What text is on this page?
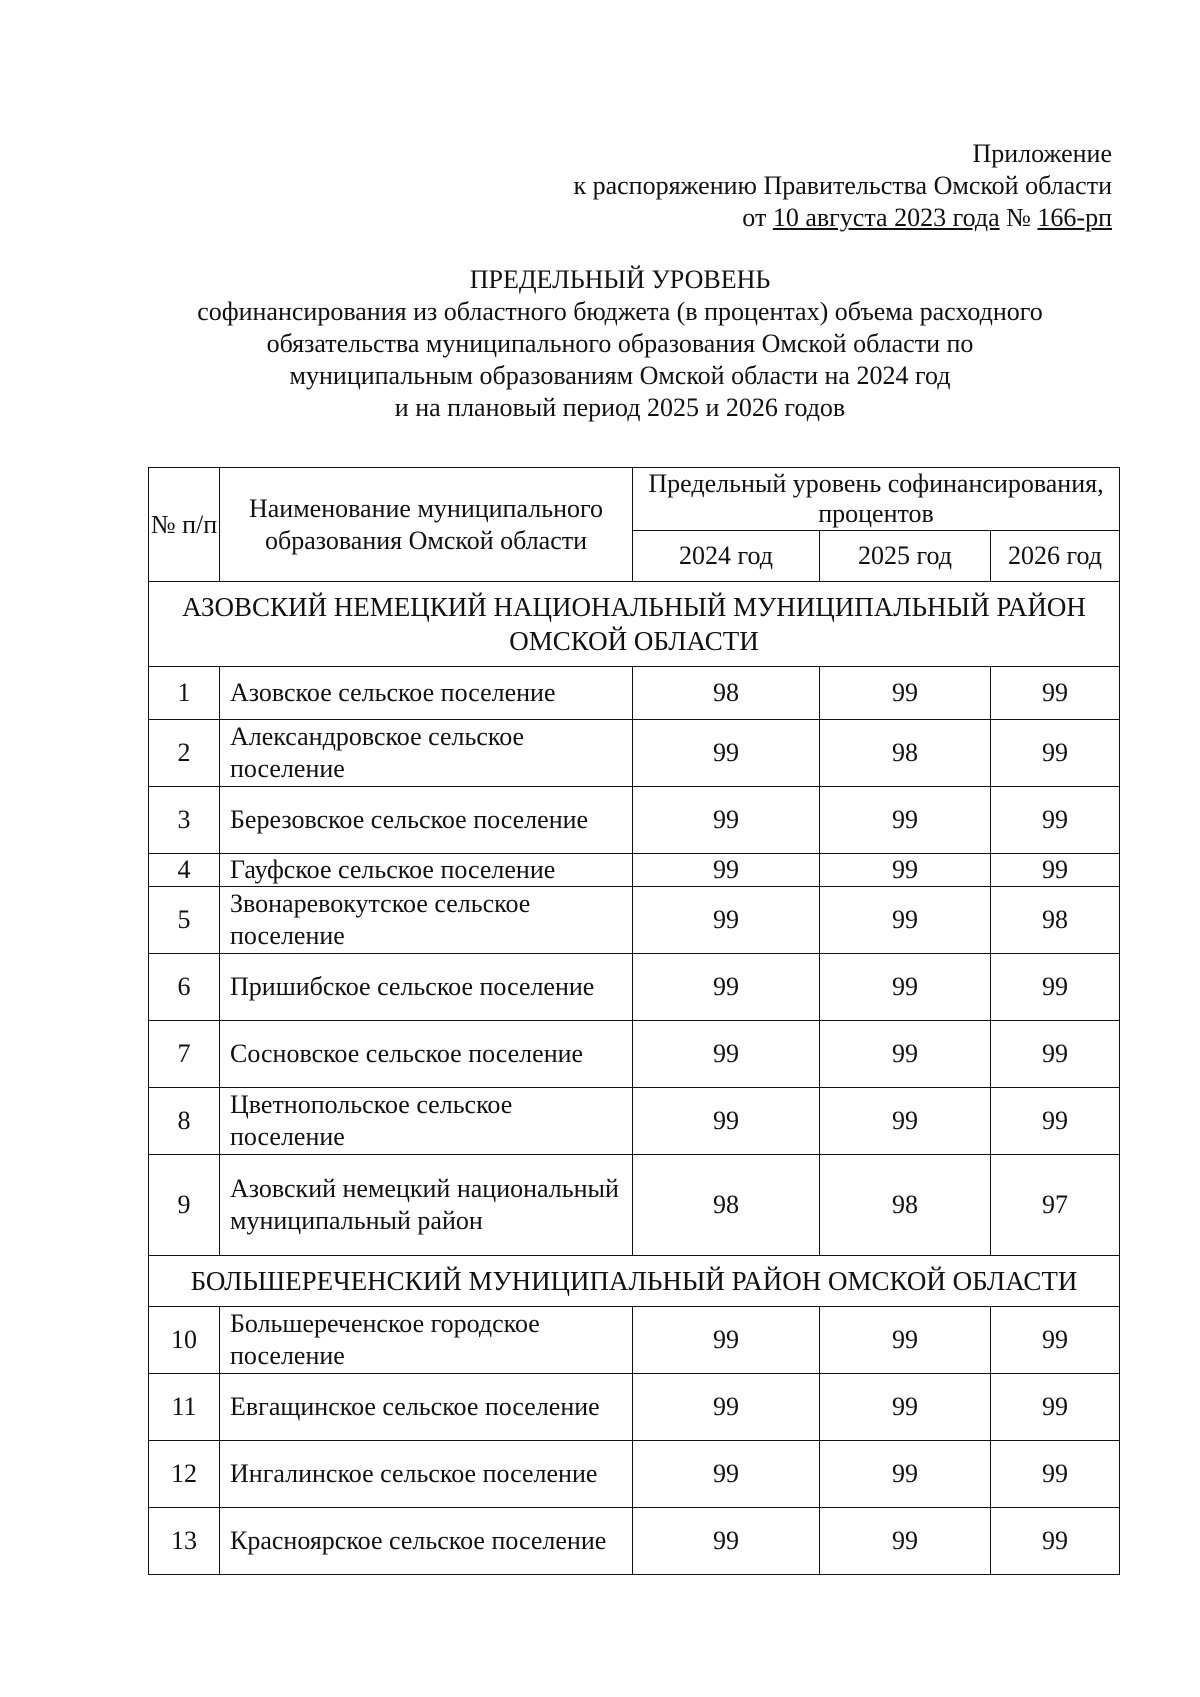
Приложение
к распоряжению Правительства Омской области
от 10 августа 2023 года № 166-рп
ПРЕДЕЛЬНЫЙ УРОВЕНЬ
софинансирования из областного бюджета (в процентах) объема расходного
обязательства муниципального образования Омской области по
муниципальным образованиям Омской области на 2024 год
и на плановый период 2025 и 2026 годов
№ п/п	Наименование муниципального образования Омской области	Предельный уровень софинансирования, процентов		
		2024 год	2025 год	2026 год
АЗОВСКИЙ НЕМЕЦКИЙ НАЦИОНАЛЬНЫЙ МУНИЦИПАЛЬНЫЙ РАЙОН ОМСКОЙ ОБЛАСТИ				
1	Азовское сельское поселение	98	99	99
2	Александровское сельское поселение	99	98	99
3	Березовское сельское поселение	99	99	99
4	Гауфское сельское поселение	99	99	99
5	Звонаревокутское сельское поселение	99	99	98
6	Пришибское сельское поселение	99	99	99
7	Сосновское сельское поселение	99	99	99
8	Цветнопольское сельское поселение	99	99	99
9	Азовский немецкий национальный муниципальный район	98	98	97
БОЛЬШЕРЕЧЕНСКИЙ МУНИЦИПАЛЬНЫЙ РАЙОН ОМСКОЙ ОБЛАСТИ				
10	Большереченское городское поселение	99	99	99
11	Евгащинское сельское поселение	99	99	99
12	Ингалинское сельское поселение	99	99	99
13	Красноярское сельское поселение	99	99	99
